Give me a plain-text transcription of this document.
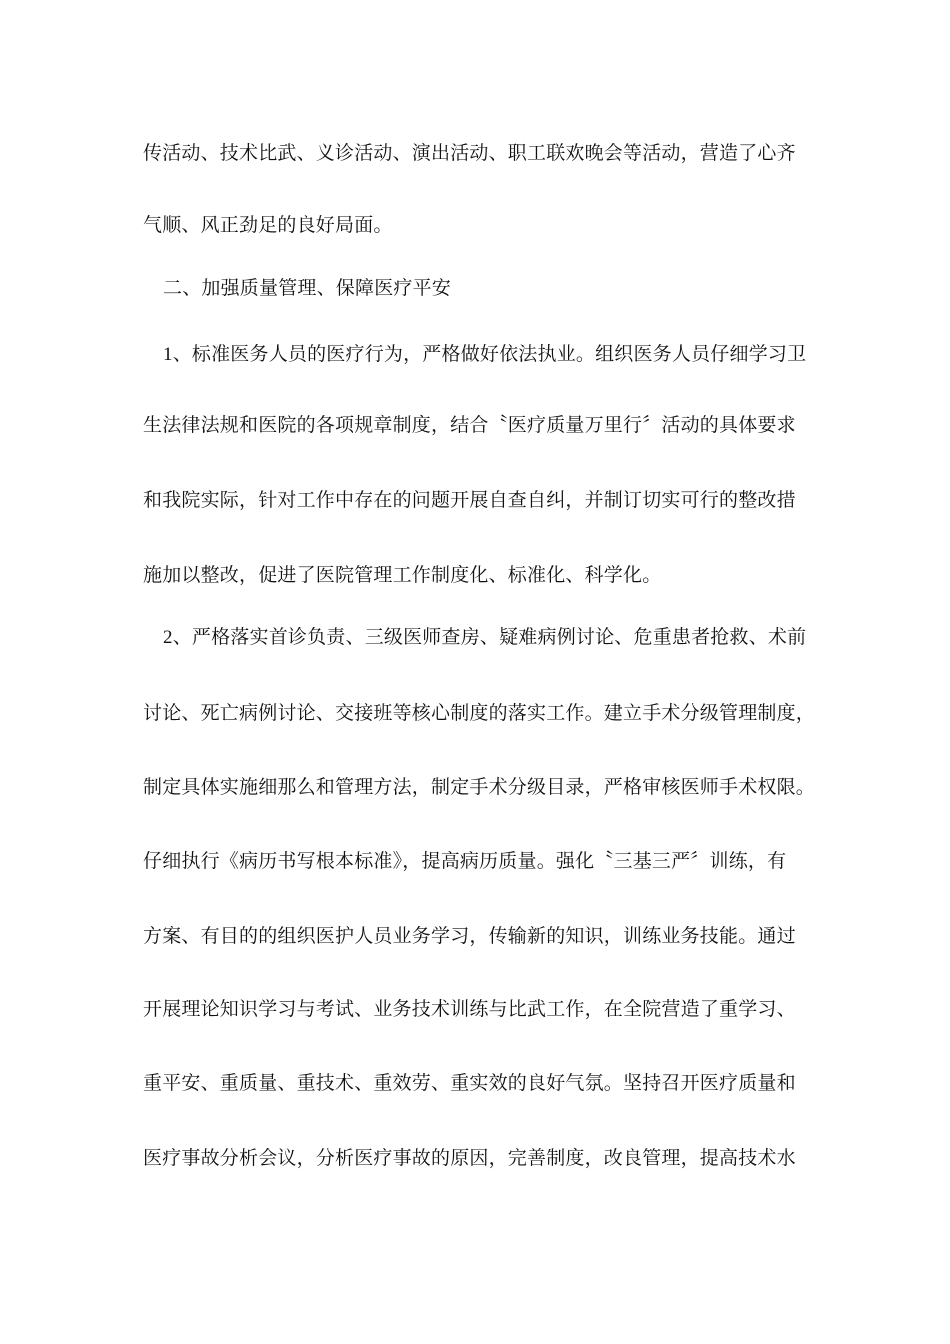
传活动、技术比武、义诊活动、演出活动、职工联欢晚会等活动，营造了心齐
气顺、风正劲足的良好局面。
二、加强质量管理、保障医疗平安
1、标准医务人员的医疗行为，严格做好依法执业。组织医务人员仔细学习卫
生法律法规和医院的各项规章制度，结合〝医疗质量万里行〞活动的具体要求
和我院实际，针对工作中存在的问题开展自查自纠，并制订切实可行的整改措
施加以整改，促进了医院管理工作制度化、标准化、科学化。
2、严格落实首诊负责、三级医师查房、疑难病例讨论、危重患者抢救、术前
讨论、死亡病例讨论、交接班等核心制度的落实工作。建立手术分级管理制度，
制定具体实施细那么和管理方法，制定手术分级目录，严格审核医师手术权限。
仔细执行《病历书写根本标准》，提高病历质量。强化〝三基三严〞训练，有
方案、有目的的组织医护人员业务学习，传输新的知识，训练业务技能。通过
开展理论知识学习与考试、业务技术训练与比武工作，在全院营造了重学习、
重平安、重质量、重技术、重效劳、重实效的良好气氛。坚持召开医疗质量和
医疗事故分析会议，分析医疗事故的原因，完善制度，改良管理，提高技术水
